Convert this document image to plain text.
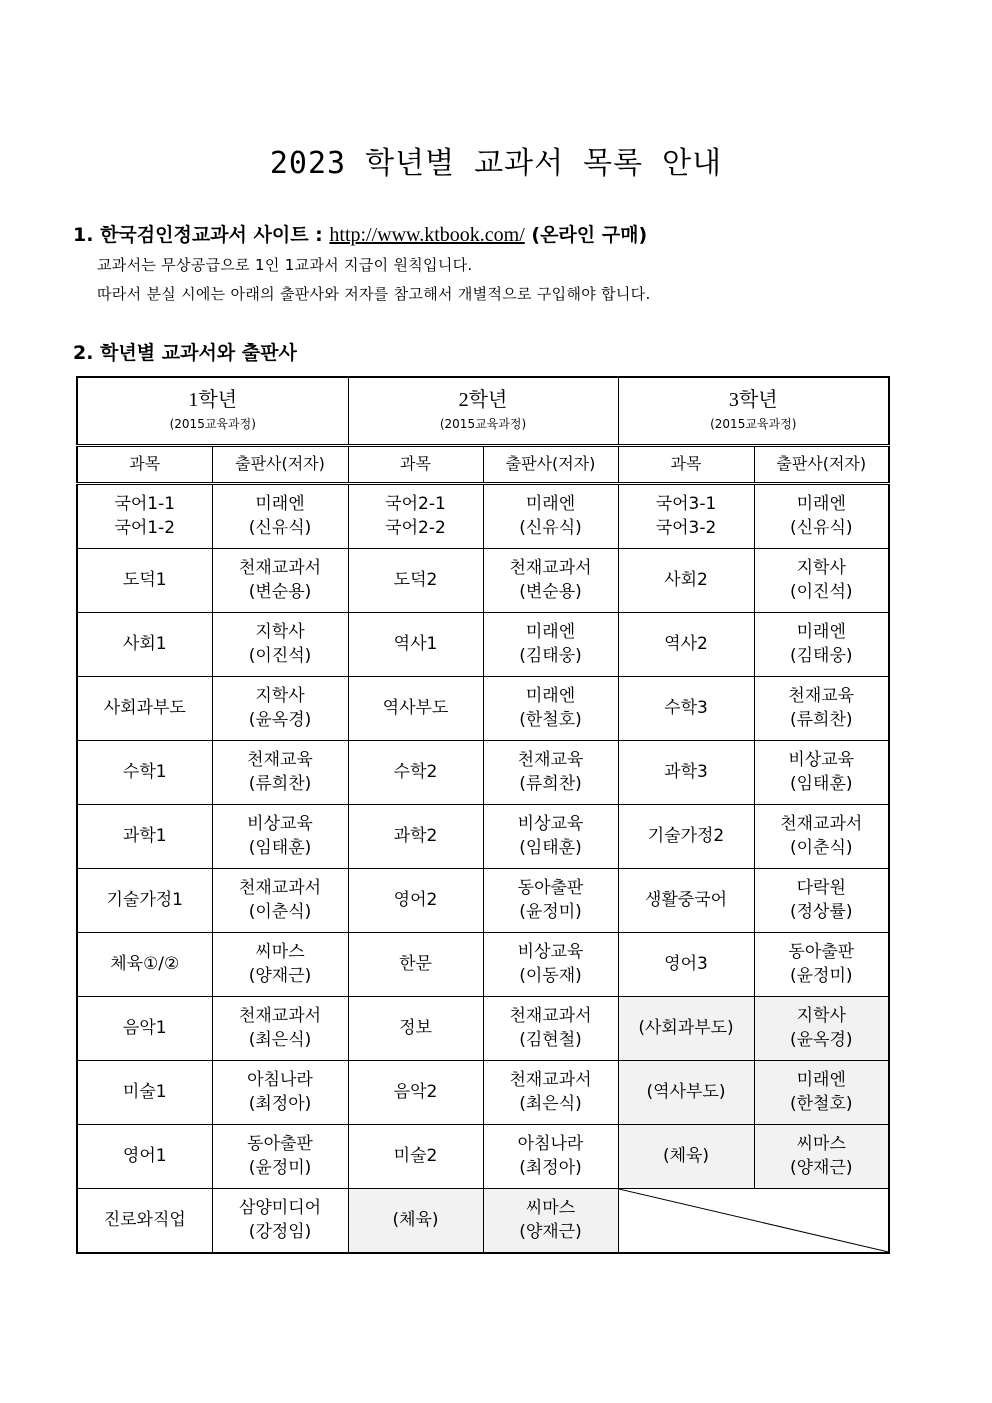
2023 학년별 교과서 목록 안내
1. 한국검인정교과서 사이트 : http://www.ktbook.com/ (온라인 구매)
교과서는 무상공급으로 1인 1교과서 지급이 원칙입니다.
따라서 분실 시에는 아래의 출판사와 저자를 참고해서 개별적으로 구입해야 합니다.
2. 학년별 교과서와 출판사
1학년
(2015교육과정)		2학년
(2015교육과정)		3학년
(2015교육과정)	

과목	출판사(저자)	과목	출판사(저자)	과목	출판사(저자)

국어1-1
국어1-2	미래엔
(신유식)	국어2-1
국어2-2	미래엔
(신유식)	국어3-1
국어3-2	미래엔
(신유식)

도덕1	천재교과서
(변순용)	도덕2	천재교과서
(변순용)	사회2	지학사
(이진석)

사회1	지학사
(이진석)	역사1	미래엔
(김태웅)	역사2	미래엔
(김태웅)

사회과부도	지학사
(윤옥경)	역사부도	미래엔
(한철호)	수학3	천재교육
(류희찬)

수학1	천재교육
(류희찬)	수학2	천재교육
(류희찬)	과학3	비상교육
(임태훈)

과학1	비상교육
(임태훈)	과학2	비상교육
(임태훈)	기술가정2	천재교과서
(이춘식)

기술가정1	천재교과서
(이춘식)	영어2	동아출판
(윤정미)	생활중국어	다락원
(정상률)

체육①/②	씨마스
(양재근)	한문	비상교육
(이동재)	영어3	동아출판
(윤정미)

음악1	천재교과서
(최은식)	정보	천재교과서
(김현철)	(사회과부도)	지학사
(윤옥경)

미술1	아침나라
(최정아)	음악2	천재교과서
(최은식)	(역사부도)	미래엔
(한철호)

영어1	동아출판
(윤정미)	미술2	아침나라
(최정아)	(체육)	씨마스
(양재근)

진로와직업	삼양미디어
(강정임)	(체육)	씨마스
(양재근)
